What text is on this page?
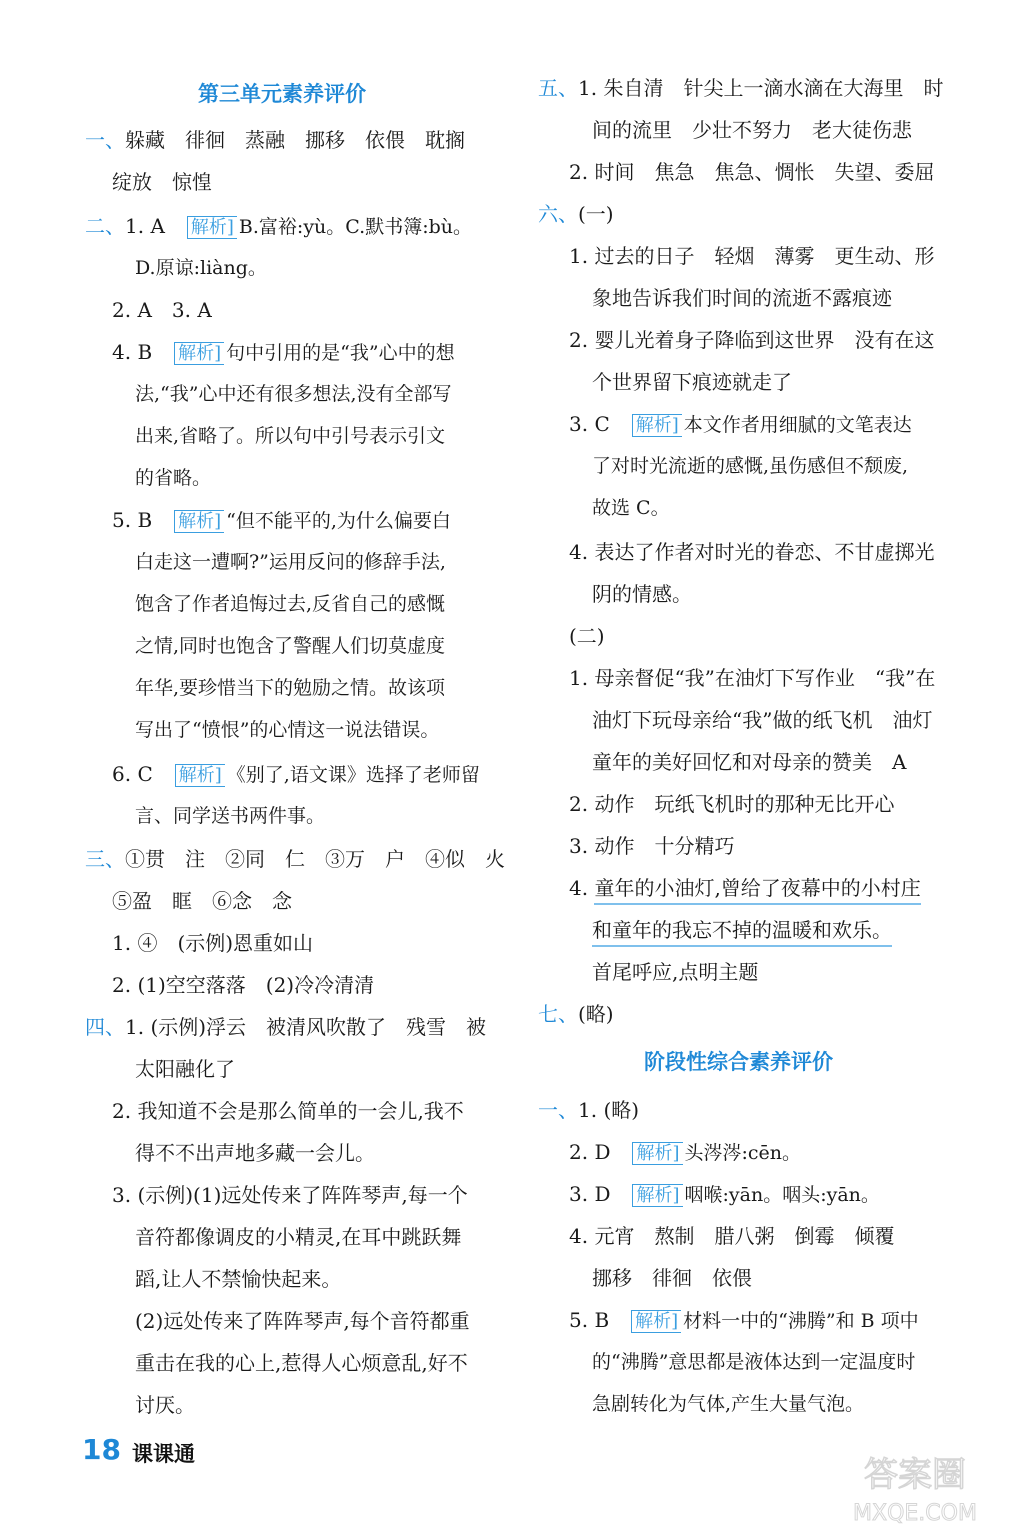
第三单元素养评价
一、躲藏　徘徊　蒸融　挪移　依偎　耽搁
绽放　惊惶
二、1. A　 解析 ] B.富裕:yù。C.默书簿:bù。
D.原谅:liàng。
2. A　3. A
4. B　 解析 ] 句中引用的是“我”心中的想
法,“我”心中还有很多想法,没有全部写
出来,省略了。所以句中引号表示引文
的省略。
5. B　 解析 ] “但不能平的,为什么偏要白
白走这一遭啊?”运用反问的修辞手法,
饱含了作者追悔过去,反省自己的感慨
之情,同时也饱含了警醒人们切莫虚度
年华,要珍惜当下的勉励之情。故该项
写出了“愤恨”的心情这一说法错误。
6. C　 解析 ] 《别了,语文课》选择了老师留
言、同学送书两件事。
三、①贯　注　②同　仁　③万　户　④似　火
⑤盈　眶　⑥念　念
1. ④　(示例)恩重如山
2. (1)空空落落　(2)冷冷清清
四、1. (示例)浮云　被清风吹散了　残雪　被
太阳融化了
2. 我知道不会是那么简单的一会儿,我不
得不不出声地多藏一会儿。
3. (示例)(1)远处传来了阵阵琴声,每一个
音符都像调皮的小精灵,在耳中跳跃舞
蹈,让人不禁愉快起来。
(2)远处传来了阵阵琴声,每个音符都重
重击在我的心上,惹得人心烦意乱,好不
讨厌。
五、1. 朱自清　针尖上一滴水滴在大海里　时
间的流里　少壮不努力　老大徒伤悲
2. 时间　焦急　焦急、惆怅　失望、委屈
六、(一)
1. 过去的日子　轻烟　薄雾　更生动、形
象地告诉我们时间的流逝不露痕迹
2. 婴儿光着身子降临到这世界　没有在这
个世界留下痕迹就走了
3. C　 解析 ] 本文作者用细腻的文笔表达
了对时光流逝的感慨,虽伤感但不颓废,
故选 C。
4. 表达了作者对时光的眷恋、不甘虚掷光
阴的情感。
(二)
1. 母亲督促“我”在油灯下写作业　“我”在
油灯下玩母亲给“我”做的纸飞机　油灯
童年的美好回忆和对母亲的赞美　A
2. 动作　玩纸飞机时的那种无比开心
3. 动作　十分精巧
4. 童年的小油灯,曾给了夜幕中的小村庄
和童年的我忘不掉的温暖和欢乐。
首尾呼应,点明主题
七、(略)
阶段性综合素养评价
一、1. (略)
2. D　 解析 ] 头涔涔:cēn。
3. D　 解析 ] 咽喉:yān。咽头:yān。
4. 元宵　熬制　腊八粥　倒霉　倾覆
挪移　徘徊　依偎
5. B　 解析 ] 材料一中的“沸腾”和 B 项中
的“沸腾”意思都是液体达到一定温度时
急剧转化为气体,产生大量气泡。
18 课课通
答案圈
MXQE.COM
